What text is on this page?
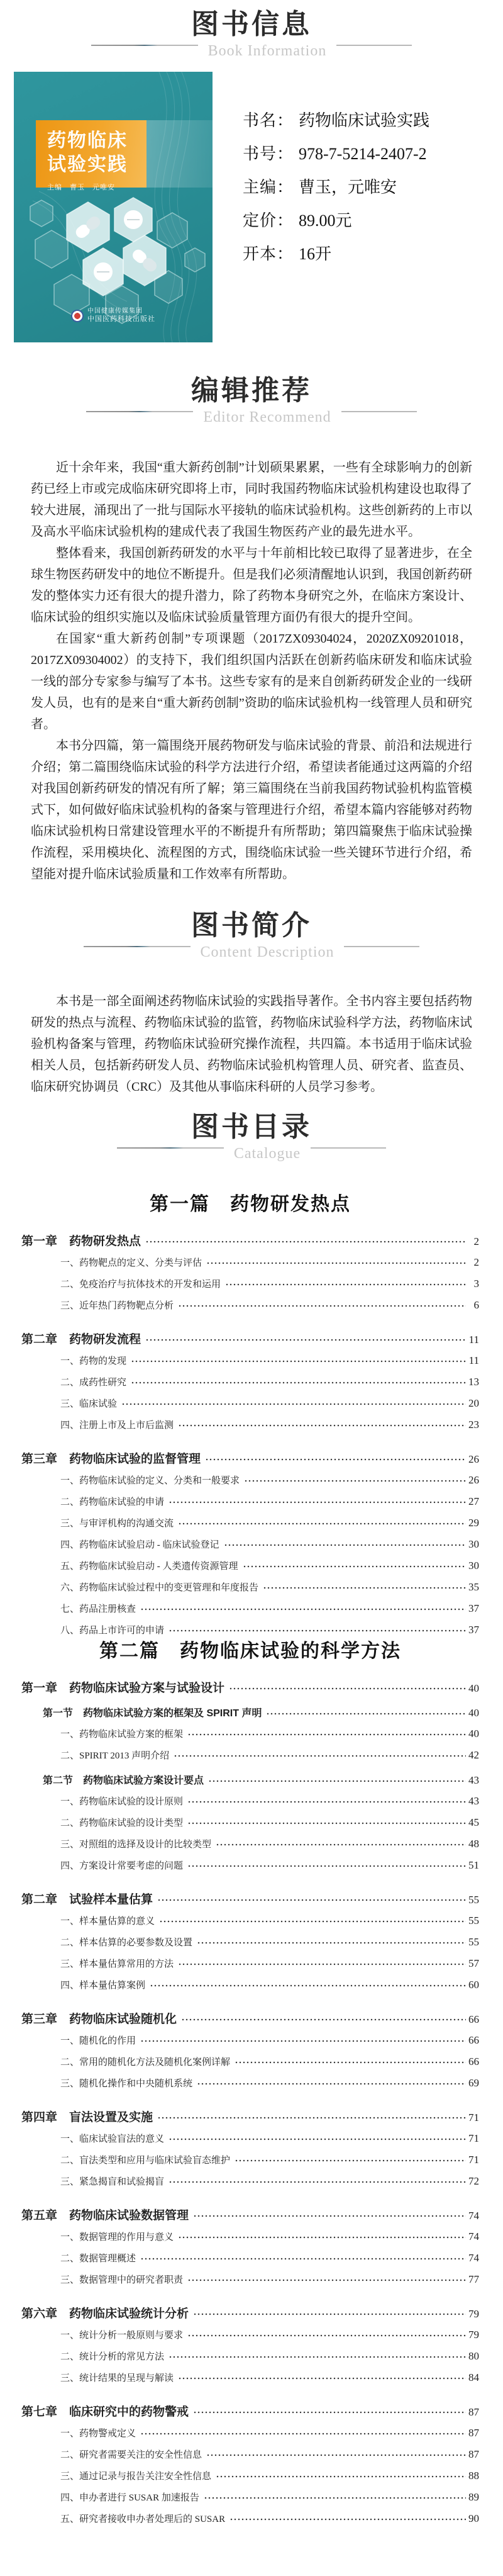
图书信息
Book Information
药物临床
试验实践
主编　曹玉　元唯安
中国健康传媒集团
中国医药科技出版社
书名： 药物临床试验实践
书号： 978-7-5214-2407-2
主编： 曹玉，元唯安
定价： 89.00元
开本： 16开
编辑推荐
Editor Recommend

近十余年来，我国“重大新药创制”计划硕果累累，一些有全球影响力的创新药已经上市或完成临床研究即将上市，同时我国药物临床试验机构建设也取得了较大进展，涌现出了一批与国际水平接轨的临床试验机构。这些创新药的上市以及高水平临床试验机构的建成代表了我国生物医药产业的最先进水平。

整体看来，我国创新药研发的水平与十年前相比较已取得了显著进步，在全球生物医药研发中的地位不断提升。但是我们必须清醒地认识到，我国创新药研发的整体实力还有很大的提升潜力，除了药物本身研究之外，在临床方案设计、临床试验的组织实施以及临床试验质量管理方面仍有很大的提升空间。

在国家“重大新药创制”专项课题（2017ZX09304024，2020ZX09201018，2017ZX09304002）的支持下，我们组织国内活跃在创新药临床研发和临床试验一线的部分专家参与编写了本书。这些专家有的是来自创新药研发企业的一线研发人员，也有的是来自“重大新药创制”资助的临床试验机构一线管理人员和研究者。

本书分四篇，第一篇围绕开展药物研发与临床试验的背景、前沿和法规进行介绍；第二篇围绕临床试验的科学方法进行介绍，希望读者能通过这两篇的介绍对我国创新药研发的情况有所了解；第三篇围绕在当前我国药物试验机构监管模式下，如何做好临床试验机构的备案与管理进行介绍，希望本篇内容能够对药物临床试验机构日常建设管理水平的不断提升有所帮助；第四篇聚焦于临床试验操作流程，采用模块化、流程图的方式，围绕临床试验一些关键环节进行介绍，希望能对提升临床试验质量和工作效率有所帮助。

图书简介
Content Description

本书是一部全面阐述药物临床试验的实践指导著作。全书内容主要包括药物研发的热点与流程、药物临床试验的监管，药物临床试验科学方法，药物临床试验机构备案与管理，药物临床试验研究操作流程，共四篇。本书适用于临床试验相关人员，包括新药研发人员、药物临床试验机构管理人员、研究者、监查员、临床研究协调员（CRC）及其他从事临床科研的人员学习参考。

图书目录
Catalogue
第一篇　药物研发热点
第一章　药物研发热点	2
一、药物靶点的定义、分类与评估	2
二、免疫治疗与抗体技术的开发和运用	3
三、近年热门药物靶点分析	6
第二章　药物研发流程	11
一、药物的发现	11
二、成药性研究	13
三、临床试验	20
四、注册上市及上市后监测	23
第三章　药物临床试验的监督管理	26
一、药物临床试验的定义、分类和一般要求	26
二、药物临床试验的申请	27
三、与审评机构的沟通交流	29
四、药物临床试验启动 - 临床试验登记	30
五、药物临床试验启动 - 人类遗传资源管理	30
六、药物临床试验过程中的变更管理和年度报告	35
七、药品注册核查	37
八、药品上市许可的申请	37
第二篇　药物临床试验的科学方法
第一章　药物临床试验方案与试验设计	40
第一节　药物临床试验方案的框架及 SPIRIT 声明	40
一、药物临床试验方案的框架	40
二、SPIRIT 2013 声明介绍	42
第二节　药物临床试验方案设计要点	43
一、药物临床试验的设计原则	43
二、药物临床试验的设计类型	45
三、对照组的选择及设计的比较类型	48
四、方案设计常要考虑的问题	51
第二章　试验样本量估算	55
一、样本量估算的意义	55
二、样本估算的必要参数及设置	55
三、样本量估算常用的方法	57
四、样本量估算案例	60
第三章　药物临床试验随机化	66
一、随机化的作用	66
二、常用的随机化方法及随机化案例详解	66
三、随机化操作和中央随机系统	69
第四章　盲法设置及实施	71
一、临床试验盲法的意义	71
二、盲法类型和应用与临床试验盲态维护	71
三、紧急揭盲和试验揭盲	72
第五章　药物临床试验数据管理	74
一、数据管理的作用与意义	74
二、数据管理概述	74
三、数据管理中的研究者职责	77
第六章　药物临床试验统计分析	79
一、统计分析一般原则与要求	79
二、统计分析的常见方法	80
三、统计结果的呈现与解读	84
第七章　临床研究中的药物警戒	87
一、药物警戒定义	87
二、研究者需要关注的安全性信息	87
三、通过记录与报告关注安全性信息	88
四、申办者进行 SUSAR 加速报告	89
五、研究者接收申办者处理后的 SUSAR	90
